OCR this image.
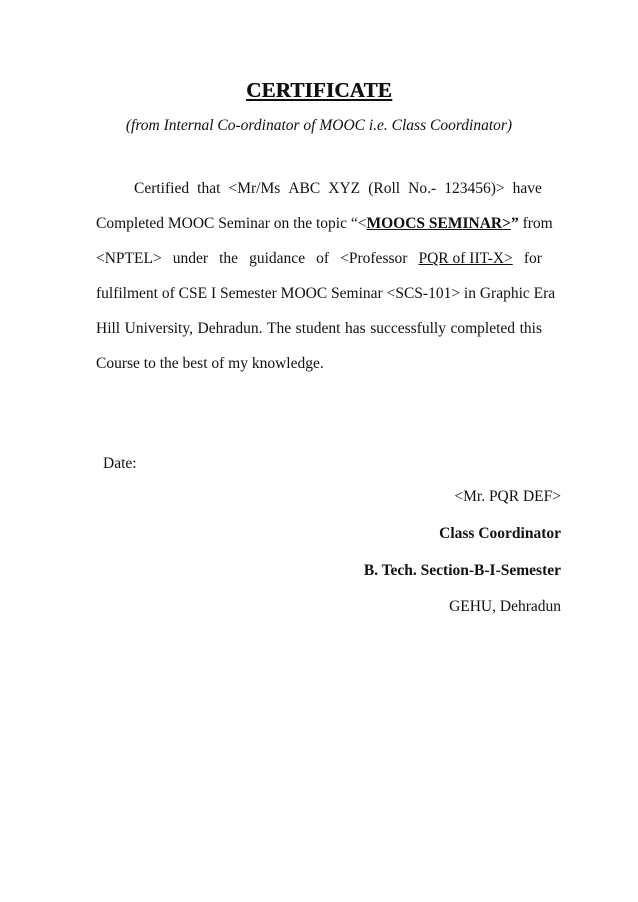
CERTIFICATE
(from Internal Co-ordinator of MOOC i.e. Class Coordinator)
Certified that <Mr/Ms ABC XYZ (Roll No.- 123456)> have
Completed MOOC Seminar on the topic “<MOOCS SEMINAR>” from
<NPTEL> under the guidance of <Professor PQR of IIT-X> for
fulfilment of CSE I Semester MOOC Seminar <SCS-101> in Graphic Era
Hill University, Dehradun. The student has successfully completed this
Course to the best of my knowledge.
Date:
<Mr. PQR DEF>
Class Coordinator
B. Tech. Section-B-I-Semester
GEHU, Dehradun
